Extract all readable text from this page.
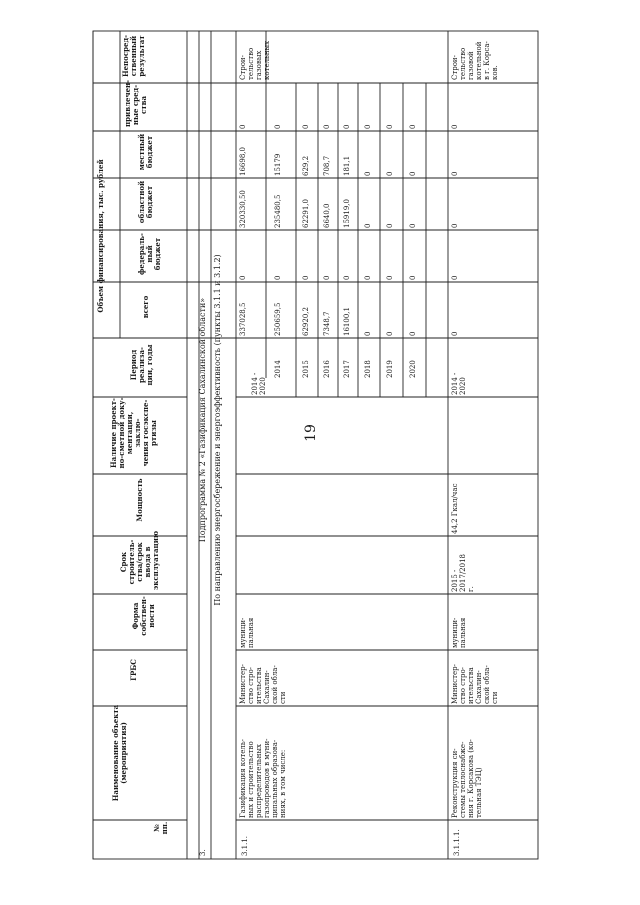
19
№
пп.
Наименование объекта
(мероприятия)
ГРБС
Форма собствен-
ности
Срок строитель-
ства/срок ввода в
эксплуатацию
Мощность
Наличие проект-
но-сметной доку-
ментации, заклю-
чения госэкспе-
ртизы
Период реализа-
ции, годы
Объем финансирования, тыс. рублей	всего
федераль-
ный бюджет
областной
бюджет
местный
бюджет
привлечен-
ные сред-
ства
Непосред-
ственный
результат
3.
Подпрограмма № 2 «Газификация Сахалинской области» По направлению энергосбережение и энергоэффективность (пункты 3.1.1 и 3.1.2)
3.1.1.
Газификация котель-
ных и строительство
распределительных
газопроводов в муни-
ципальных образова-
ниях, в том числе:
Министер-
ство стро-
ительства
Сахалин-
ской обла-
сти
муници-
пальная
Строи-
тельство
газовых
котельных
2014 -
2020
337028,5
0
320330,50
16698,0
0
2014
250659,5
0
235480,5
15179
0
2015
62920,2
0
62291,0
629,2
0
2016
7348,7
0
6640,0
708,7
0
2017
16100,1
0
15919,0
181,1
0
2018
0
0
0
0
0
2019
0
0
0
0
0
2020
0
0
0
0
0
3.1.1.1.
Реконструкция си-
стемы теплоснабже-
ния г. Корсакова (ко-
тельная ТЭЦ)
Министер-
ство стро-
ительства
Сахалин-
ской обла-
сти
муници-
пальная
2015 -
2017/2018
г.
44,2 Гкал/час
2014 -
2020
0
0
0
0
0
Строи-
тельство
газовой
котельной
в г. Корса-
ков.
